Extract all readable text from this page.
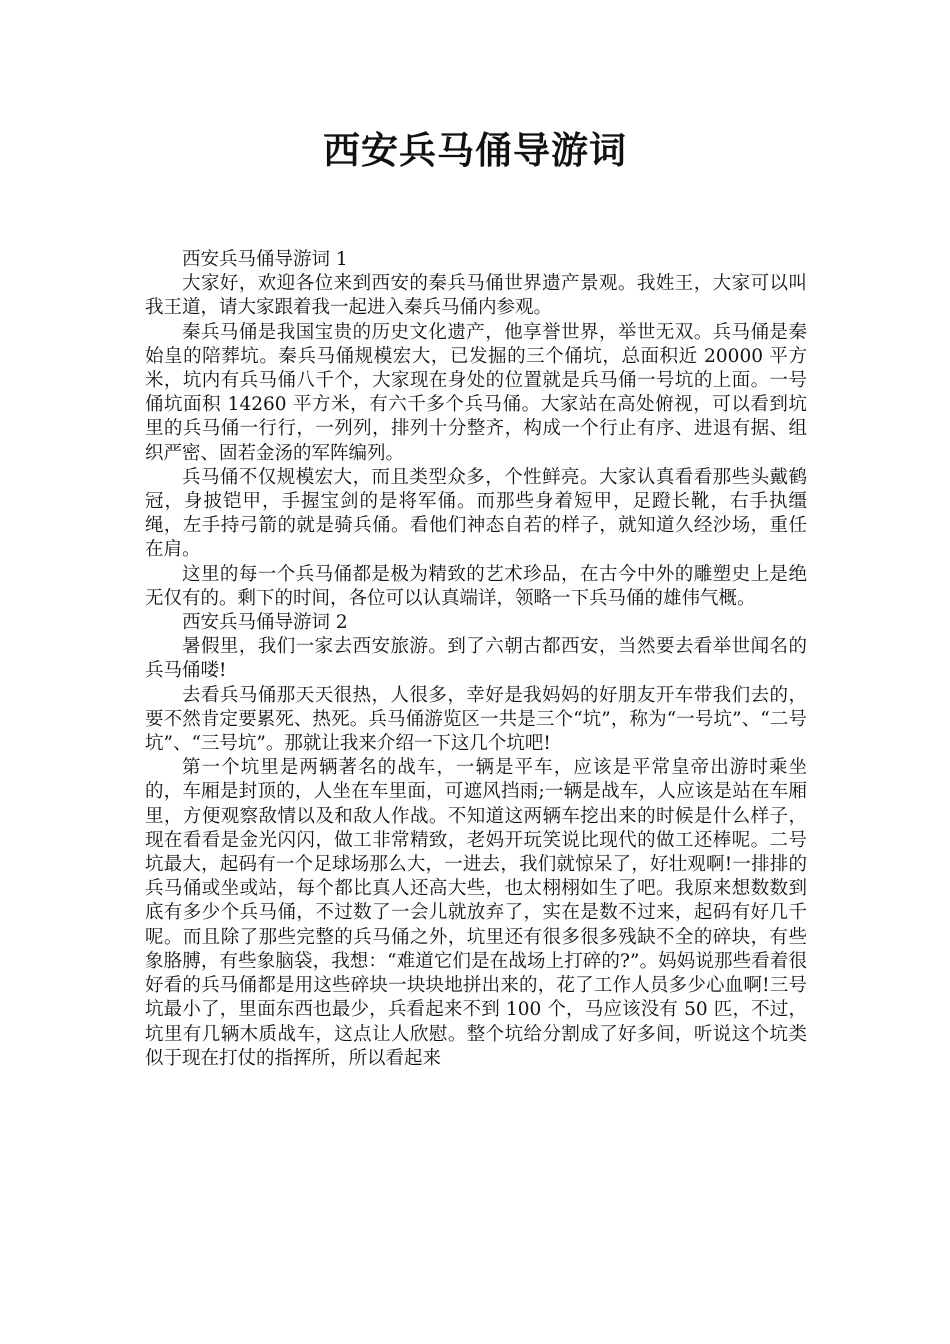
西安兵马俑导游词

西安兵马俑导游词 1

大家好，欢迎各位来到西安的秦兵马俑世界遗产景观。我姓王，大家可以叫我王道，请大家跟着我一起进入秦兵马俑内参观。

秦兵马俑是我国宝贵的历史文化遗产，他享誉世界，举世无双。兵马俑是秦始皇的陪葬坑。秦兵马俑规模宏大，已发掘的三个俑坑，总面积近 20000 平方米，坑内有兵马俑八千个，大家现在身处的位置就是兵马俑一号坑的上面。一号俑坑面积 14260 平方米，有六千多个兵马俑。大家站在高处俯视，可以看到坑里的兵马俑一行行，一列列，排列十分整齐，构成一个行止有序、进退有据、组织严密、固若金汤的军阵编列。

兵马俑不仅规模宏大，而且类型众多，个性鲜亮。大家认真看看那些头戴鹤冠，身披铠甲，手握宝剑的是将军俑。而那些身着短甲，足蹬长靴，右手执缰绳，左手持弓箭的就是骑兵俑。看他们神态自若的样子，就知道久经沙场，重任在肩。

这里的每一个兵马俑都是极为精致的艺术珍品，在古今中外的雕塑史上是绝无仅有的。剩下的时间，各位可以认真端详，领略一下兵马俑的雄伟气概。

西安兵马俑导游词 2

暑假里，我们一家去西安旅游。到了六朝古都西安，当然要去看举世闻名的兵马俑喽!

去看兵马俑那天天很热，人很多，幸好是我妈妈的好朋友开车带我们去的，要不然肯定要累死、热死。兵马俑游览区一共是三个“坑”，称为“一号坑”、“二号坑”、“三号坑”。那就让我来介绍一下这几个坑吧!

第一个坑里是两辆著名的战车，一辆是平车，应该是平常皇帝出游时乘坐的，车厢是封顶的，人坐在车里面，可遮风挡雨;一辆是战车，人应该是站在车厢里，方便观察敌情以及和敌人作战。不知道这两辆车挖出来的时候是什么样子，现在看看是金光闪闪，做工非常精致，老妈开玩笑说比现代的做工还棒呢。二号坑最大，起码有一个足球场那么大，一进去，我们就惊呆了，好壮观啊!一排排的兵马俑或坐或站，每个都比真人还高大些，也太栩栩如生了吧。我原来想数数到底有多少个兵马俑，不过数了一会儿就放弃了，实在是数不过来，起码有好几千呢。而且除了那些完整的兵马俑之外，坑里还有很多很多残缺不全的碎块，有些象胳膊，有些象脑袋，我想：“难道它们是在战场上打碎的?”。妈妈说那些看着很好看的兵马俑都是用这些碎块一块块地拼出来的，花了工作人员多少心血啊!三号坑最小了，里面东西也最少，兵看起来不到 100 个，马应该没有 50 匹，不过，坑里有几辆木质战车，这点让人欣慰。整个坑给分割成了好多间，听说这个坑类似于现在打仗的指挥所，所以看起来
